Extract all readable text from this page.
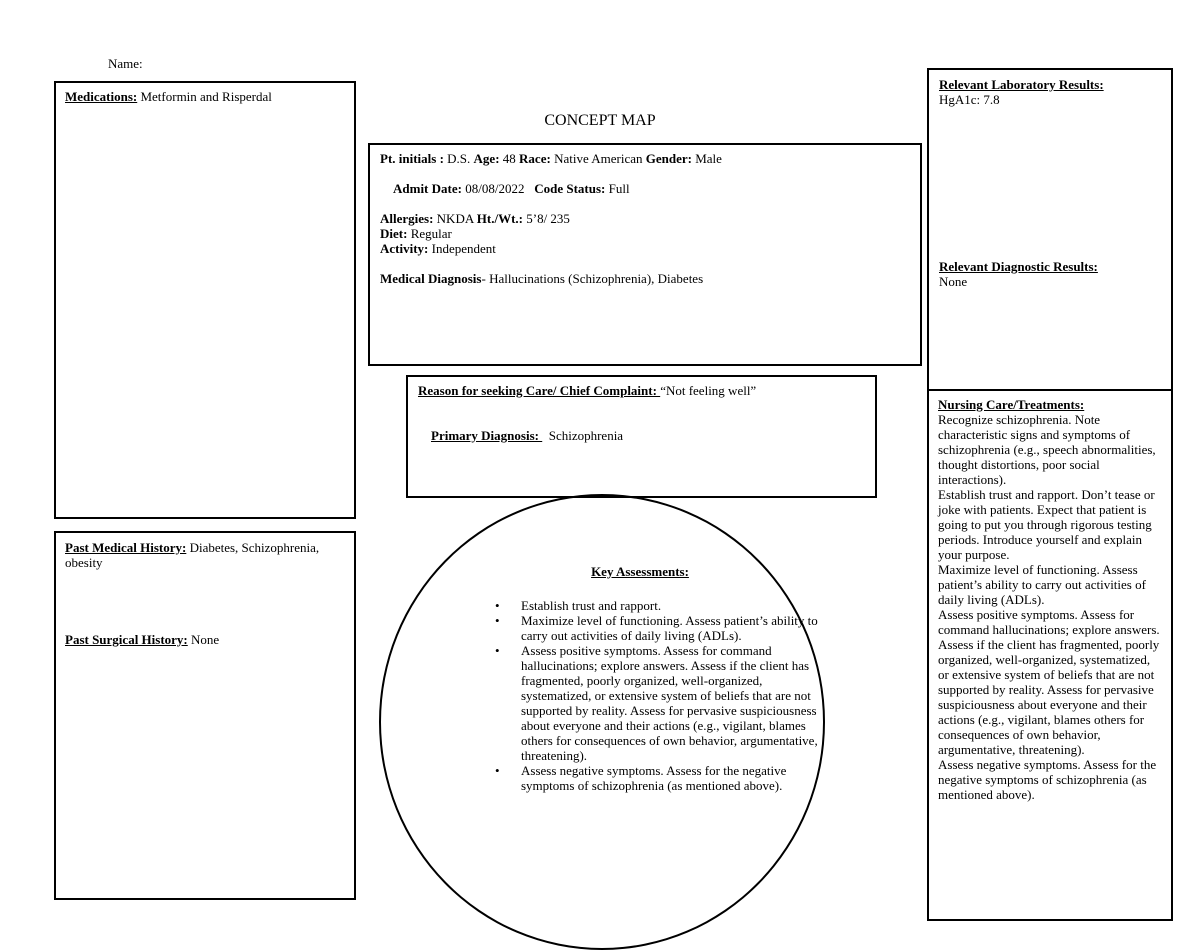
Name:
CONCEPT MAP
Medications: Metformin and Risperdal
Past Medical History: Diabetes, Schizophrenia, obesity
Past Surgical History: None
Pt. initials : D.S. Age: 48 Race: Native American Gender: Male

Admit Date: 08/08/2022   Code Status: Full

Allergies: NKDA Ht./Wt.: 5’8/ 235
Diet: Regular
Activity: Independent
Medical Diagnosis- Hallucinations (Schizophrenia), Diabetes
Reason for seeking Care/ Chief Complaint: “Not feeling well”

Primary Diagnosis:   Schizophrenia

Key Assessments:
• Establish trust and rapport.
• Maximize level of functioning. Assess patient’s ability to carry out activities of daily living (ADLs).
• Assess positive symptoms. Assess for command hallucinations; explore answers. Assess if the client has fragmented, poorly organized, well-organized, systematized, or extensive system of beliefs that are not supported by reality. Assess for pervasive suspiciousness about everyone and their actions (e.g., vigilant, blames others for consequences of own behavior, argumentative, threatening).
• Assess negative symptoms. Assess for the negative symptoms of schizophrenia (as mentioned above).
Relevant Laboratory Results:
HgA1c: 7.8
Relevant Diagnostic Results:
None
Nursing Care/Treatments:
Recognize schizophrenia. Note characteristic signs and symptoms of schizophrenia (e.g., speech abnormalities, thought distortions, poor social interactions).
Establish trust and rapport. Don’t tease or joke with patients. Expect that patient is going to put you through rigorous testing periods. Introduce yourself and explain your purpose.
Maximize level of functioning. Assess patient’s ability to carry out activities of daily living (ADLs).
Assess positive symptoms. Assess for command hallucinations; explore answers. Assess if the client has fragmented, poorly organized, well-organized, systematized, or extensive system of beliefs that are not supported by reality. Assess for pervasive suspiciousness about everyone and their actions (e.g., vigilant, blames others for consequences of own behavior, argumentative, threatening).
Assess negative symptoms. Assess for the negative symptoms of schizophrenia (as mentioned above).
